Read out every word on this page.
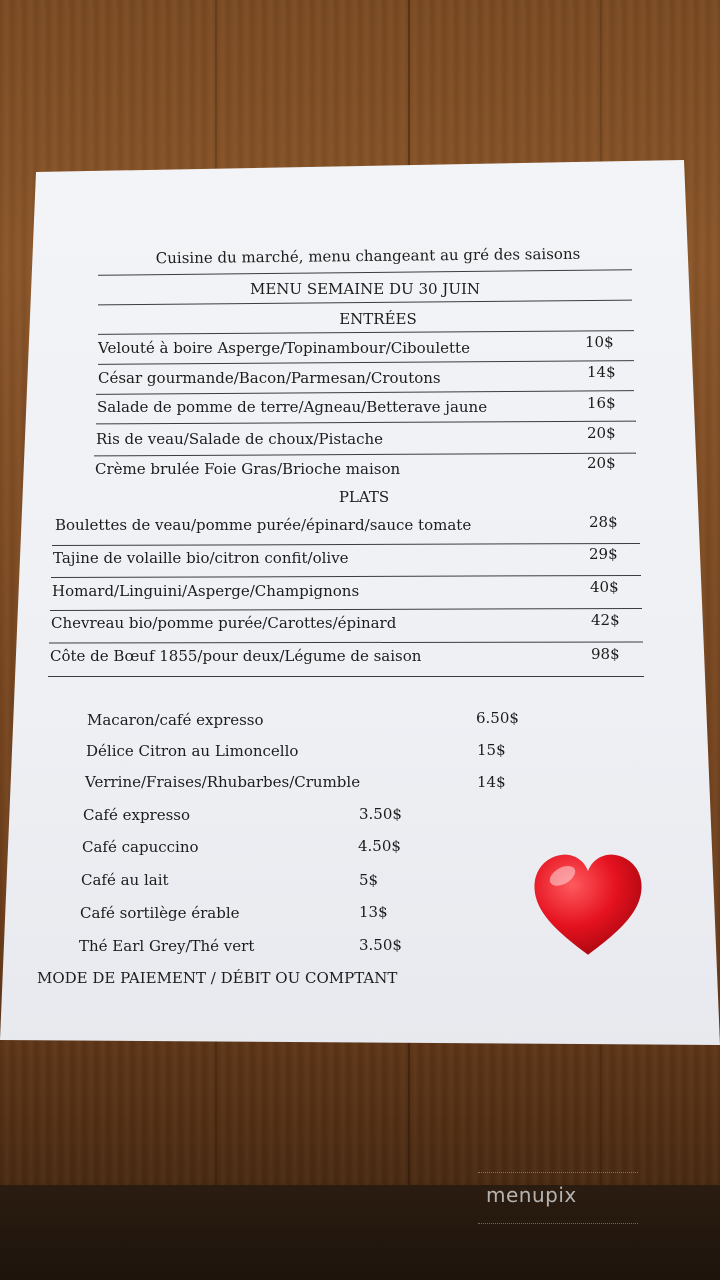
Cuisine du marché, menu changeant au gré des saisons
MENU SEMAINE DU 30 JUIN
ENTRÉES
Velouté à boire Asperge/Topinambour/Ciboulette	10$
César gourmande/Bacon/Parmesan/Croutons	14$
Salade de pomme de terre/Agneau/Betterave jaune	16$
Ris de veau/Salade de choux/Pistache	20$
Crème brulée Foie Gras/Brioche maison	20$
PLATS
Boulettes de veau/pomme purée/épinard/sauce tomate	28$
Tajine de volaille bio/citron confit/olive	29$
Homard/Linguini/Asperge/Champignons	40$
Chevreau bio/pomme purée/Carottes/épinard	42$
Côte de Bœuf 1855/pour deux/Légume de saison	98$
Macaron/café expresso	6.50$
Délice Citron au Limoncello	15$
Verrine/Fraises/Rhubarbes/Crumble	14$
Café expresso	3.50$
Café capuccino	4.50$
Café au lait	5$
Café sortilège érable	13$
Thé Earl Grey/Thé vert	3.50$
MODE DE PAIEMENT / DÉBIT OU COMPTANT
menupix
